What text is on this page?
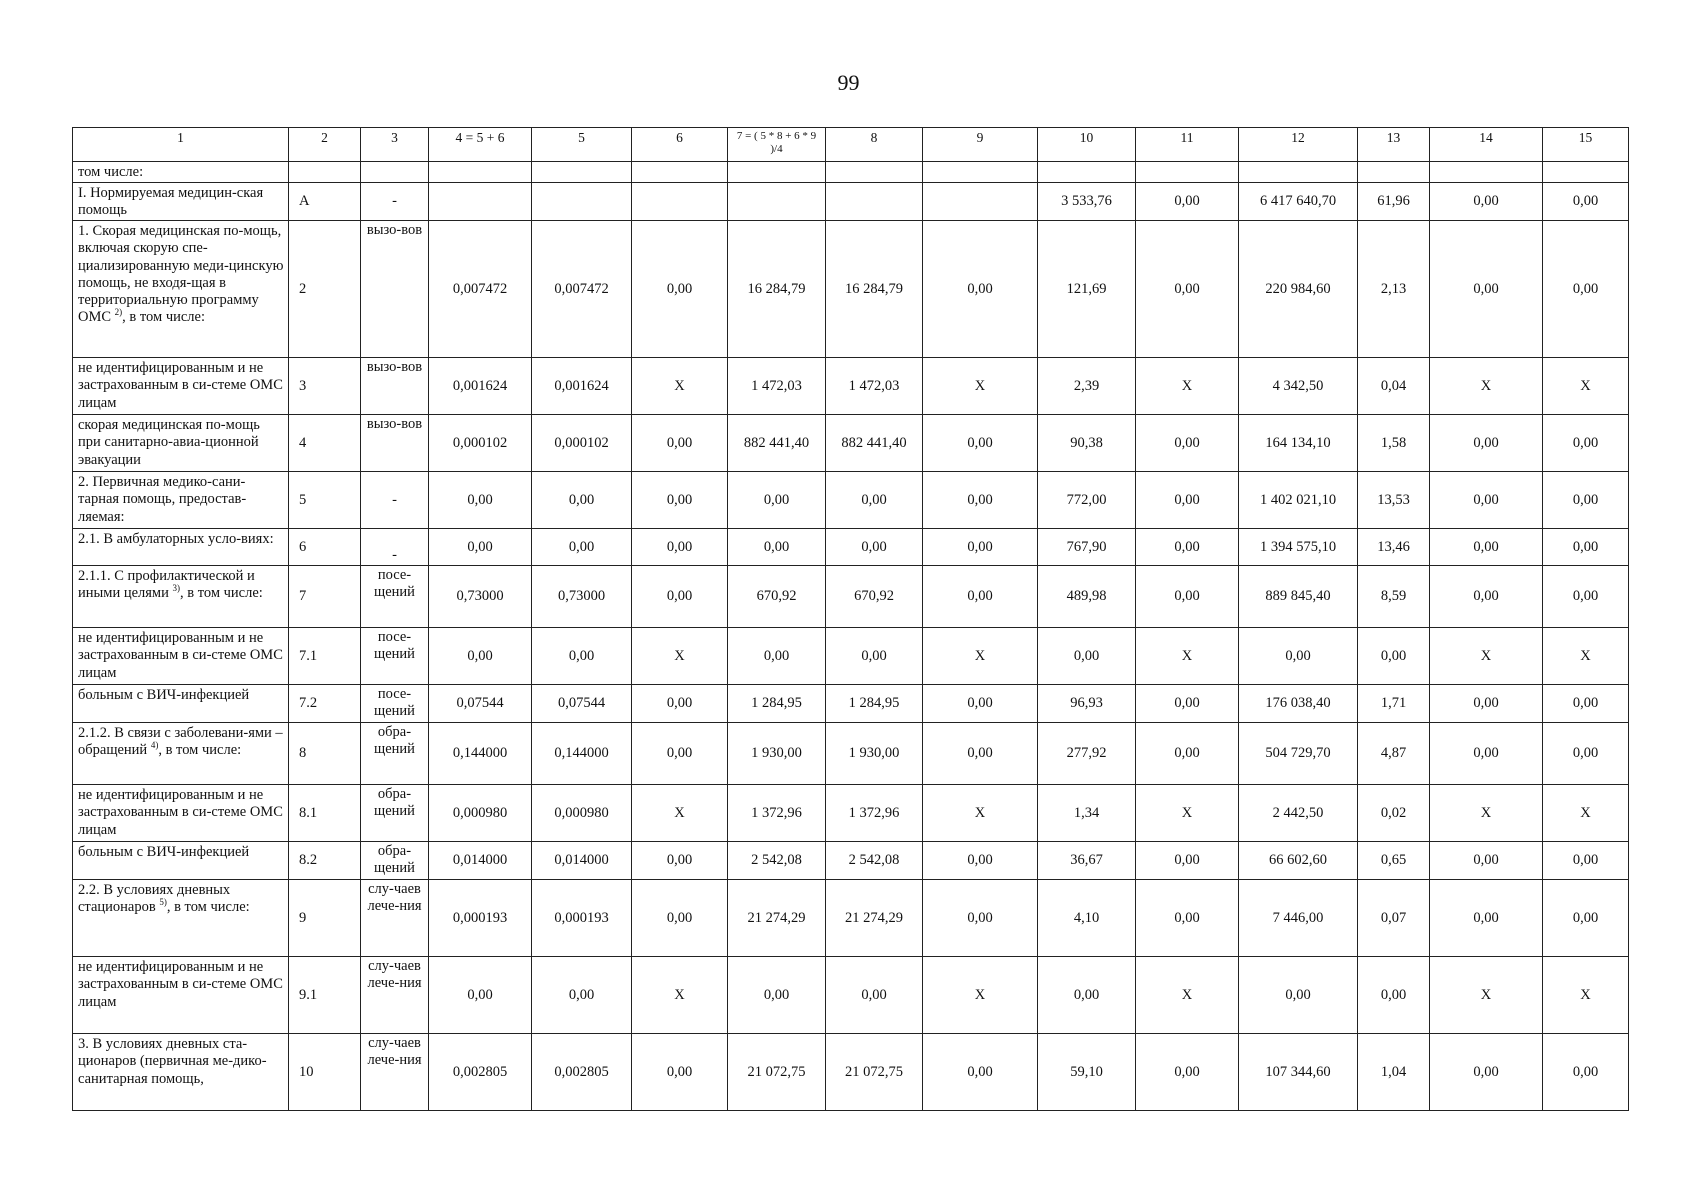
99
1	2	3	4 = 5 + 6	5	6	7 = ( 5 * 8 + 6 * 9 )/4	8	9	10	11	12	13	14	15
том числе:														
I. Нормируемая медицин-ская помощь	А	-							3 533,76	0,00	6 417 640,70	61,96	0,00	0,00
1. Скорая медицинская по-мощь, включая скорую спе-циализированную меди-цинскую помощь, не входя-щая в территориальную программу ОМС $^{2)}$, в том числе:	2	вызо-вов	0,007472	0,007472	0,00	16 284,79	16 284,79	0,00	121,69	0,00	220 984,60	2,13	0,00	0,00
не идентифицированным и не застрахованным в си-стеме ОМС лицам	3	вызо-вов	0,001624	0,001624	Х	1 472,03	1 472,03	Х	2,39	Х	4 342,50	0,04	Х	Х
скорая медицинская по-мощь при санитарно-авиа-ционной эвакуации	4	вызо-вов	0,000102	0,000102	0,00	882 441,40	882 441,40	0,00	90,38	0,00	164 134,10	1,58	0,00	0,00
2. Первичная медико-сани-тарная помощь, предостав-ляемая:	5	-	0,00	0,00	0,00	0,00	0,00	0,00	772,00	0,00	1 402 021,10	13,53	0,00	0,00
2.1. В амбулаторных усло-виях:	6	-	0,00	0,00	0,00	0,00	0,00	0,00	767,90	0,00	1 394 575,10	13,46	0,00	0,00
2.1.1. С профилактической и иными целями $^{3)}$, в том числе:	7	посе-щений	0,73000	0,73000	0,00	670,92	670,92	0,00	489,98	0,00	889 845,40	8,59	0,00	0,00
не идентифицированным и не застрахованным в си-стеме ОМС лицам	7.1	посе-щений	0,00	0,00	Х	0,00	0,00	Х	0,00	Х	0,00	0,00	Х	Х
больным с ВИЧ-инфекцией	7.2	посе-щений	0,07544	0,07544	0,00	1 284,95	1 284,95	0,00	96,93	0,00	176 038,40	1,71	0,00	0,00
2.1.2. В связи с заболевани-ями – обращений $^{4)}$, в том числе:	8	обра-щений	0,144000	0,144000	0,00	1 930,00	1 930,00	0,00	277,92	0,00	504 729,70	4,87	0,00	0,00
не идентифицированным и не застрахованным в си-стеме ОМС лицам	8.1	обра-щений	0,000980	0,000980	Х	1 372,96	1 372,96	Х	1,34	Х	2 442,50	0,02	Х	Х
больным с ВИЧ-инфекцией	8.2	обра-щений	0,014000	0,014000	0,00	2 542,08	2 542,08	0,00	36,67	0,00	66 602,60	0,65	0,00	0,00
2.2. В условиях дневных стационаров $^{5)}$, в том числе:	9	слу-чаев лече-ния	0,000193	0,000193	0,00	21 274,29	21 274,29	0,00	4,10	0,00	7 446,00	0,07	0,00	0,00
не идентифицированным и не застрахованным в си-стеме ОМС лицам	9.1	слу-чаев лече-ния	0,00	0,00	Х	0,00	0,00	Х	0,00	Х	0,00	0,00	Х	Х
3. В условиях дневных ста-ционаров (первичная ме-дико- санитарная помощь,	10	слу-чаев лече-ния	0,002805	0,002805	0,00	21 072,75	21 072,75	0,00	59,10	0,00	107 344,60	1,04	0,00	0,00
